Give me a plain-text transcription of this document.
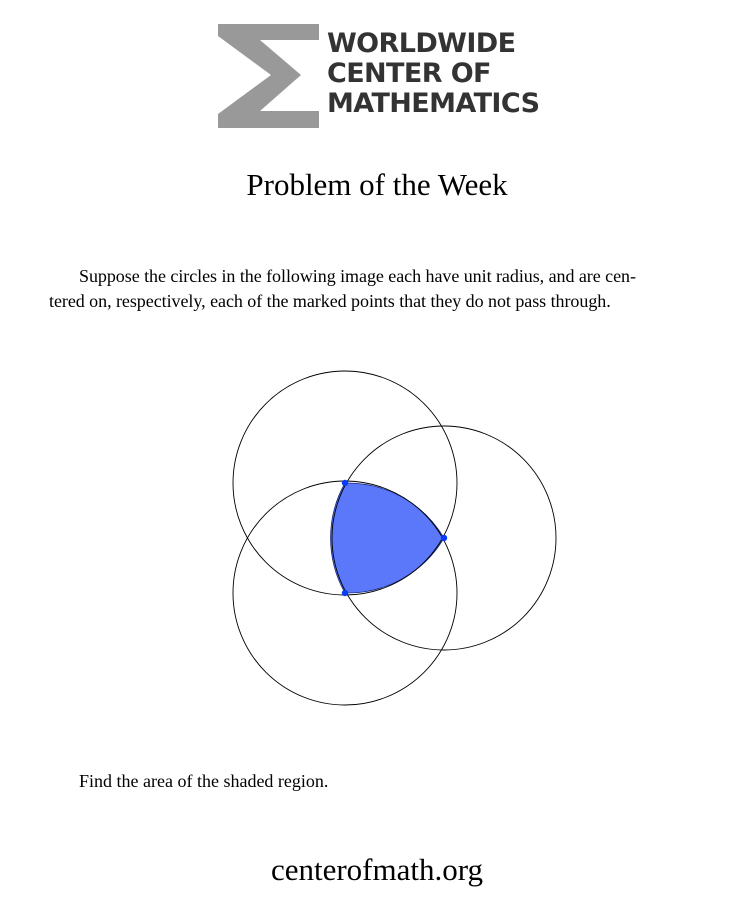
WORLDWIDE
CENTER OF
MATHEMATICS
Problem of the Week
Suppose the circles in the following image each have unit radius, and are cen-
tered on, respectively, each of the marked points that they do not pass through.
Find the area of the shaded region.
centerofmath.org
